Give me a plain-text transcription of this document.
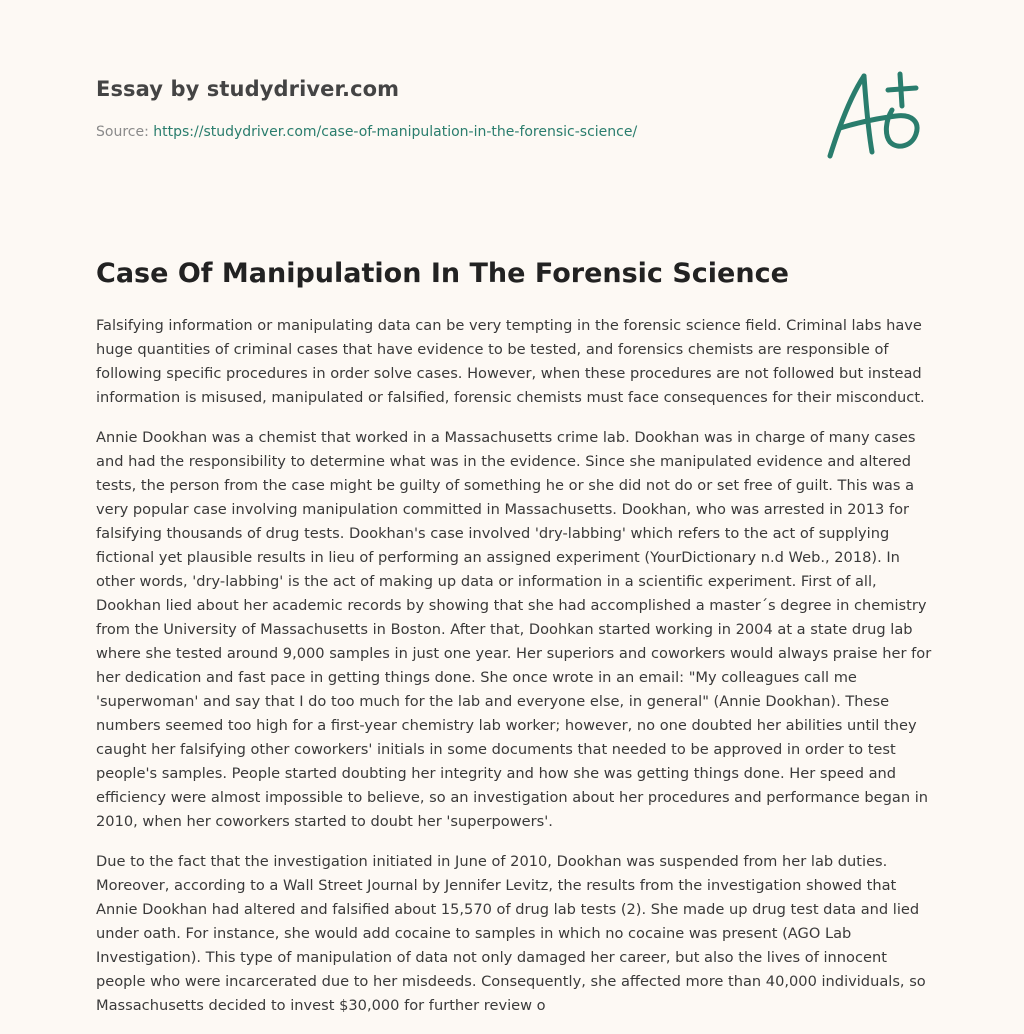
Essay by studydriver.com
Source: https://studydriver.com/case-of-manipulation-in-the-forensic-science/
Case Of Manipulation In The Forensic Science

Falsifying information or manipulating data can be very tempting in the forensic science field. Criminal labs have huge quantities of criminal cases that have evidence to be tested, and forensics chemists are responsible of following specific procedures in order solve cases. However, when these procedures are not followed but instead information is misused, manipulated or falsified, forensic chemists must face consequences for their misconduct.

Annie Dookhan was a chemist that worked in a Massachusetts crime lab. Dookhan was in charge of many cases and had the responsibility to determine what was in the evidence. Since she manipulated evidence and altered tests, the person from the case might be guilty of something he or she did not do or set free of guilt. This was a very popular case involving manipulation committed in Massachusetts. Dookhan, who was arrested in 2013 for falsifying thousands of drug tests. Dookhan's case involved 'dry-labbing' which refers to the act of supplying fictional yet plausible results in lieu of performing an assigned experiment (YourDictionary n.d Web., 2018). In other words, 'dry-labbing' is the act of making up data or information in a scientific experiment. First of all, Dookhan lied about her academic records by showing that she had accomplished a master´s degree in chemistry from the University of Massachusetts in Boston. After that, Doohkan started working in 2004 at a state drug lab where she tested around 9,000 samples in just one year. Her superiors and coworkers would always praise her for her dedication and fast pace in getting things done. She once wrote in an email: "My colleagues call me 'superwoman' and say that I do too much for the lab and everyone else, in general" (Annie Dookhan). These numbers seemed too high for a first-year chemistry lab worker; however, no one doubted her abilities until they caught her falsifying other coworkers' initials in some documents that needed to be approved in order to test people's samples. People started doubting her integrity and how she was getting things done. Her speed and efficiency were almost impossible to believe, so an investigation about her procedures and performance began in 2010, when her coworkers started to doubt her 'superpowers'.

Due to the fact that the investigation initiated in June of 2010, Dookhan was suspended from her lab duties. Moreover, according to a Wall Street Journal by Jennifer Levitz, the results from the investigation showed that Annie Dookhan had altered and falsified about 15,570 of drug lab tests (2). She made up drug test data and lied under oath. For instance, she would add cocaine to samples in which no cocaine was present (AGO Lab Investigation). This type of manipulation of data not only damaged her career, but also the lives of innocent people who were incarcerated due to her misdeeds. Consequently, she affected more than 40,000 individuals, so Massachusetts decided to invest $30,000 for further review o
